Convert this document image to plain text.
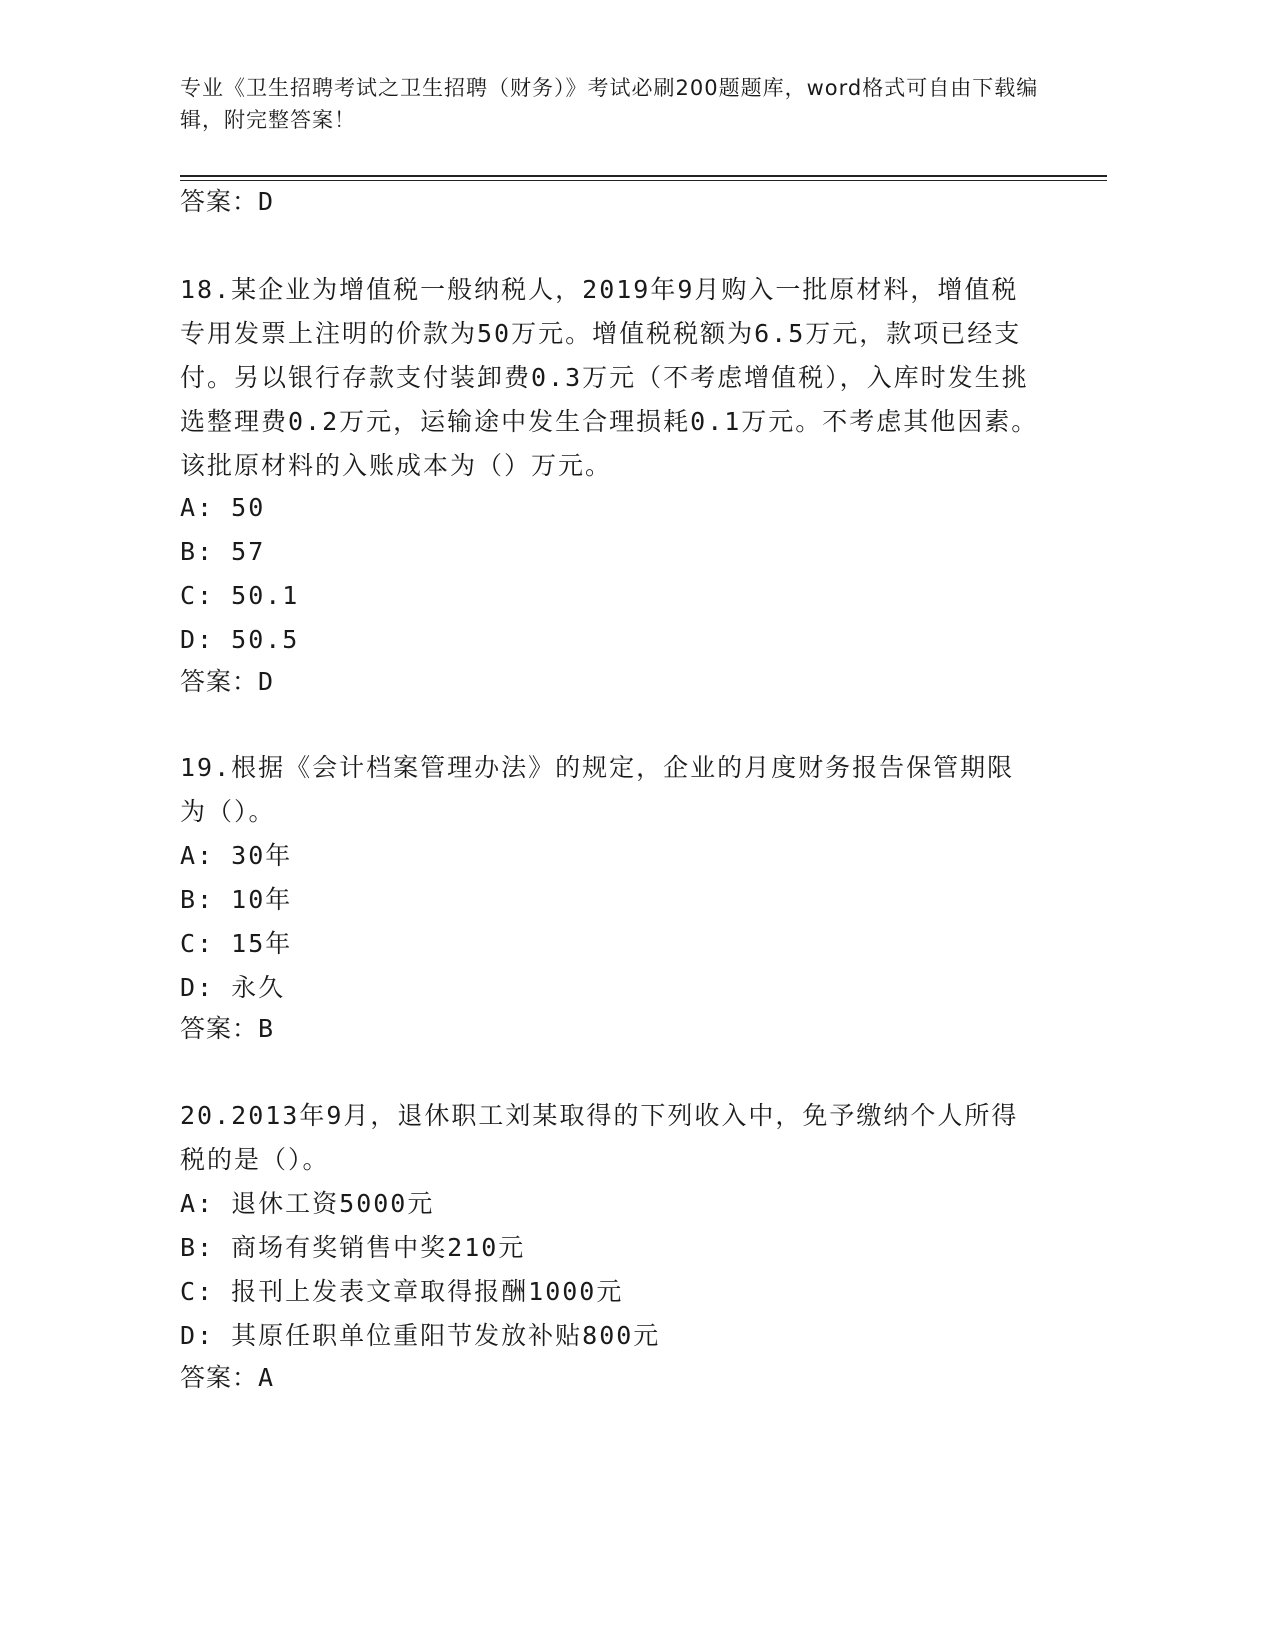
专业《卫生招聘考试之卫生招聘（财务）》考试必刷200题题库，word格式可自由下载编辑，附完整答案！
答案：D
18.某企业为增值税一般纳税人，2019年9月购入一批原材料，增值税专用发票上注明的价款为50万元。增值税税额为6.5万元，款项已经支付。另以银行存款支付装卸费0.3万元（不考虑增值税），入库时发生挑选整理费0.2万元，运输途中发生合理损耗0.1万元。不考虑其他因素。该批原材料的入账成本为（）万元。
A: 50
B: 57
C: 50.1
D: 50.5
答案：D
19.根据《会计档案管理办法》的规定，企业的月度财务报告保管期限为（）。
A: 30年
B: 10年
C: 15年
D: 永久
答案：B
20.2013年9月，退休职工刘某取得的下列收入中，免予缴纳个人所得税的是（）。
A: 退休工资5000元
B: 商场有奖销售中奖210元
C: 报刊上发表文章取得报酬1000元
D: 其原任职单位重阳节发放补贴800元
答案：A
